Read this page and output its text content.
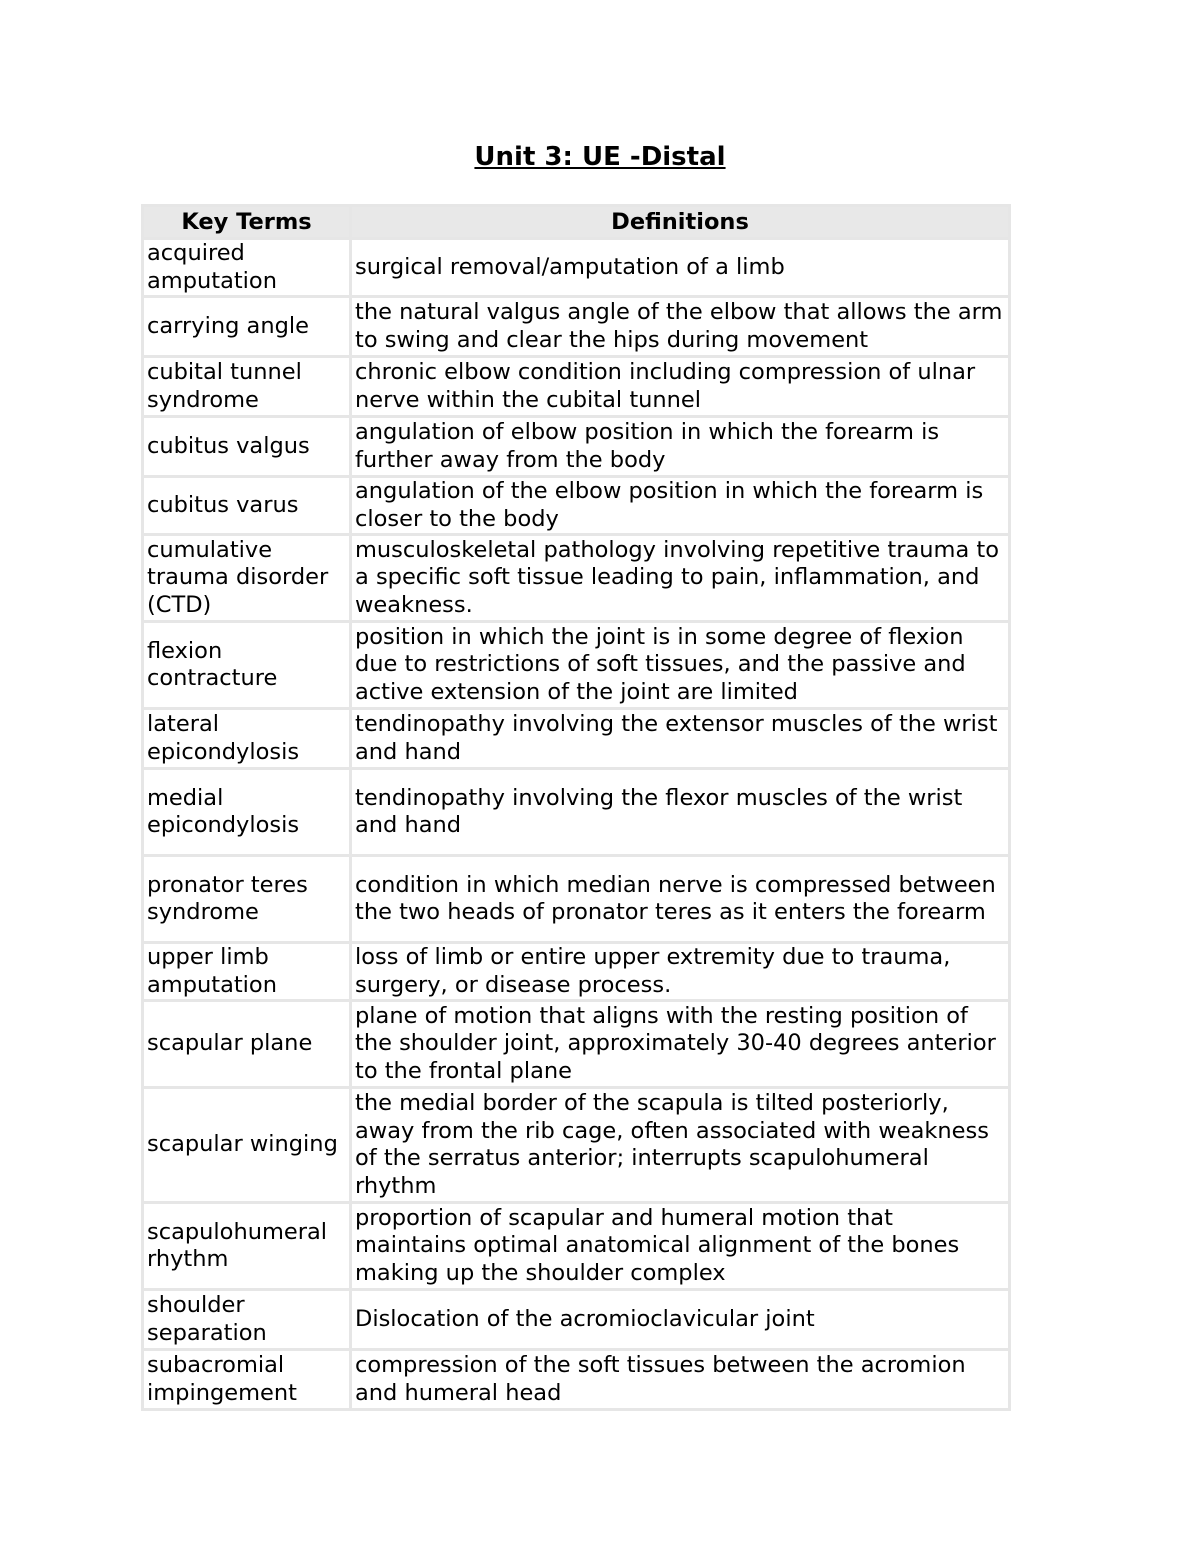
Unit 3: UE -Distal
Key Terms	Definitions
acquired amputation	surgical removal/amputation of a limb
carrying angle	the natural valgus angle of the elbow that allows the arm to swing and clear the hips during movement
cubital tunnel syndrome	chronic elbow condition including compression of ulnar nerve within the cubital tunnel
cubitus valgus	angulation of elbow position in which the forearm is further away from the body
cubitus varus	angulation of the elbow position in which the forearm is closer to the body
cumulative trauma disorder (CTD)	musculoskeletal pathology involving repetitive trauma to a specific soft tissue leading to pain, inflammation, and weakness.
flexion contracture	position in which the joint is in some degree of flexion due to restrictions of soft tissues, and the passive and active extension of the joint are limited
lateral epicondylosis	tendinopathy involving the extensor muscles of the wrist and hand
medial epicondylosis	tendinopathy involving the flexor muscles of the wrist and hand
pronator teres syndrome	condition in which median nerve is compressed between the two heads of pronator teres as it enters the forearm
upper limb amputation	loss of limb or entire upper extremity due to trauma, surgery, or disease process.
scapular plane	plane of motion that aligns with the resting position of the shoulder joint, approximately 30-40 degrees anterior to the frontal plane
scapular winging	the medial border of the scapula is tilted posteriorly, away from the rib cage, often associated with weakness of the serratus anterior; interrupts scapulohumeral rhythm
scapulohumeral rhythm	proportion of scapular and humeral motion that maintains optimal anatomical alignment of the bones making up the shoulder complex
shoulder separation	Dislocation of the acromioclavicular joint
subacromial impingement	compression of the soft tissues between the acromion and humeral head
